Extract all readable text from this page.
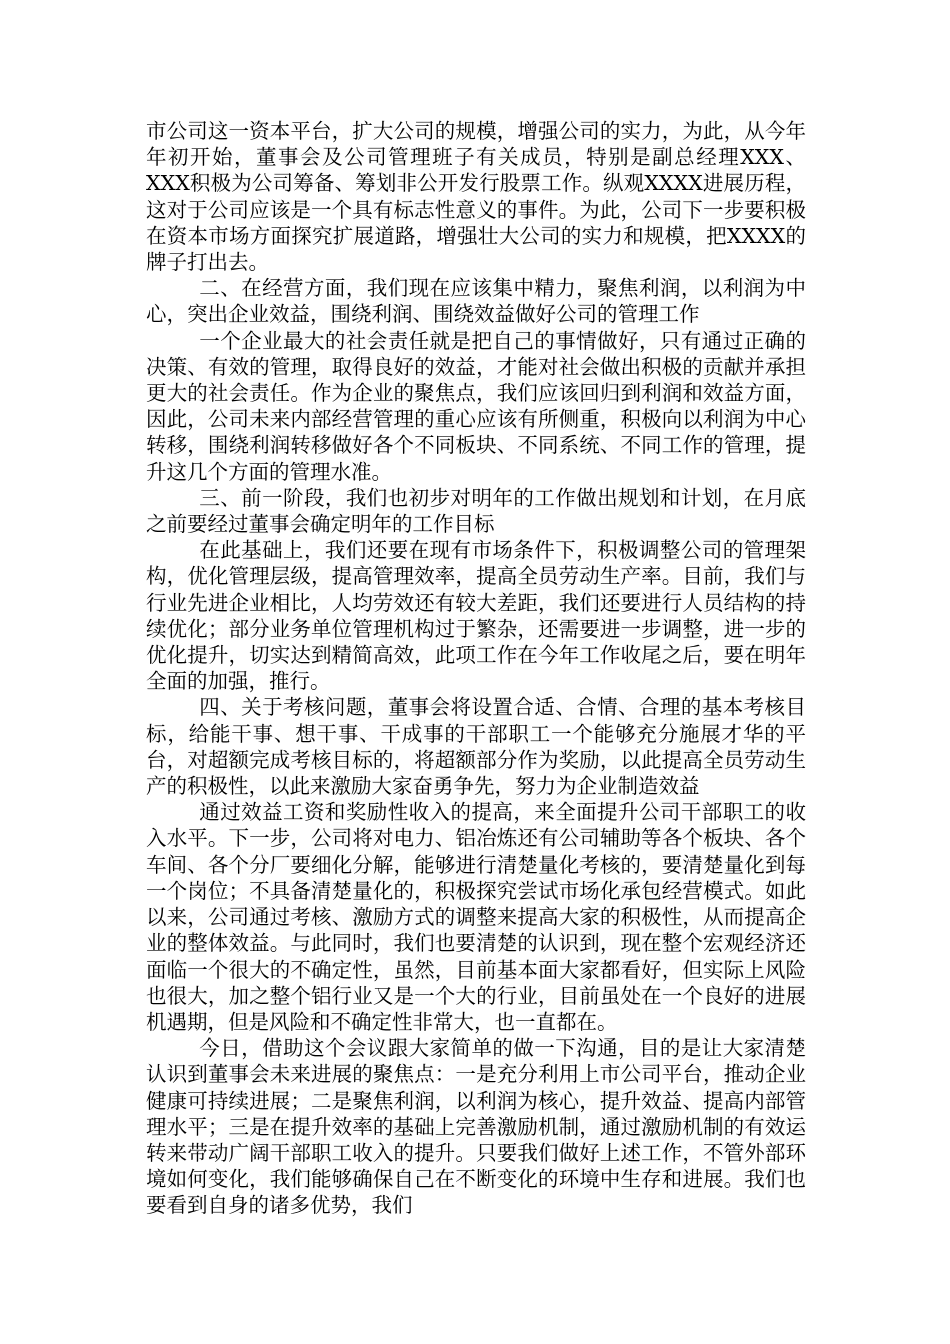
市公司这一资本平台，扩大公司的规模，增强公司的实力，为此，从今年年初开始，董事会及公司管理班子有关成员，特别是副总经理XXX、XXX积极为公司筹备、筹划非公开发行股票工作。纵观XXXX进展历程，这对于公司应该是一个具有标志性意义的事件。为此，公司下一步要积极在资本市场方面探究扩展道路，增强壮大公司的实力和规模，把XXXX的牌子打出去。

二、在经营方面，我们现在应该集中精力，聚焦利润，以利润为中心，突出企业效益，围绕利润、围绕效益做好公司的管理工作

一个企业最大的社会责任就是把自己的事情做好，只有通过正确的决策、有效的管理，取得良好的效益，才能对社会做出积极的贡献并承担更大的社会责任。作为企业的聚焦点，我们应该回归到利润和效益方面，因此，公司未来内部经营管理的重心应该有所侧重，积极向以利润为中心转移，围绕利润转移做好各个不同板块、不同系统、不同工作的管理，提升这几个方面的管理水准。

三、前一阶段，我们也初步对明年的工作做出规划和计划，在月底之前要经过董事会确定明年的工作目标

在此基础上，我们还要在现有市场条件下，积极调整公司的管理架构，优化管理层级，提高管理效率，提高全员劳动生产率。目前，我们与行业先进企业相比，人均劳效还有较大差距，我们还要进行人员结构的持续优化；部分业务单位管理机构过于繁杂，还需要进一步调整，进一步的优化提升，切实达到精简高效，此项工作在今年工作收尾之后，要在明年全面的加强，推行。

四、关于考核问题，董事会将设置合适、合情、合理的基本考核目标，给能干事、想干事、干成事的干部职工一个能够充分施展才华的平台，对超额完成考核目标的，将超额部分作为奖励，以此提高全员劳动生产的积极性，以此来激励大家奋勇争先，努力为企业制造效益

通过效益工资和奖励性收入的提高，来全面提升公司干部职工的收入水平。下一步，公司将对电力、铝冶炼还有公司辅助等各个板块、各个车间、各个分厂要细化分解，能够进行清楚量化考核的，要清楚量化到每一个岗位；不具备清楚量化的，积极探究尝试市场化承包经营模式。如此以来，公司通过考核、激励方式的调整来提高大家的积极性，从而提高企业的整体效益。与此同时，我们也要清楚的认识到，现在整个宏观经济还面临一个很大的不确定性，虽然，目前基本面大家都看好，但实际上风险也很大，加之整个铝行业又是一个大的行业，目前虽处在一个良好的进展机遇期，但是风险和不确定性非常大，也一直都在。

今日，借助这个会议跟大家简单的做一下沟通，目的是让大家清楚认识到董事会未来进展的聚焦点：一是充分利用上市公司平台，推动企业健康可持续进展；二是聚焦利润，以利润为核心，提升效益、提高内部管理水平；三是在提升效率的基础上完善激励机制，通过激励机制的有效运转来带动广阔干部职工收入的提升。只要我们做好上述工作，不管外部环境如何变化，我们能够确保自己在不断变化的环境中生存和进展。我们也要看到自身的诸多优势，我们
